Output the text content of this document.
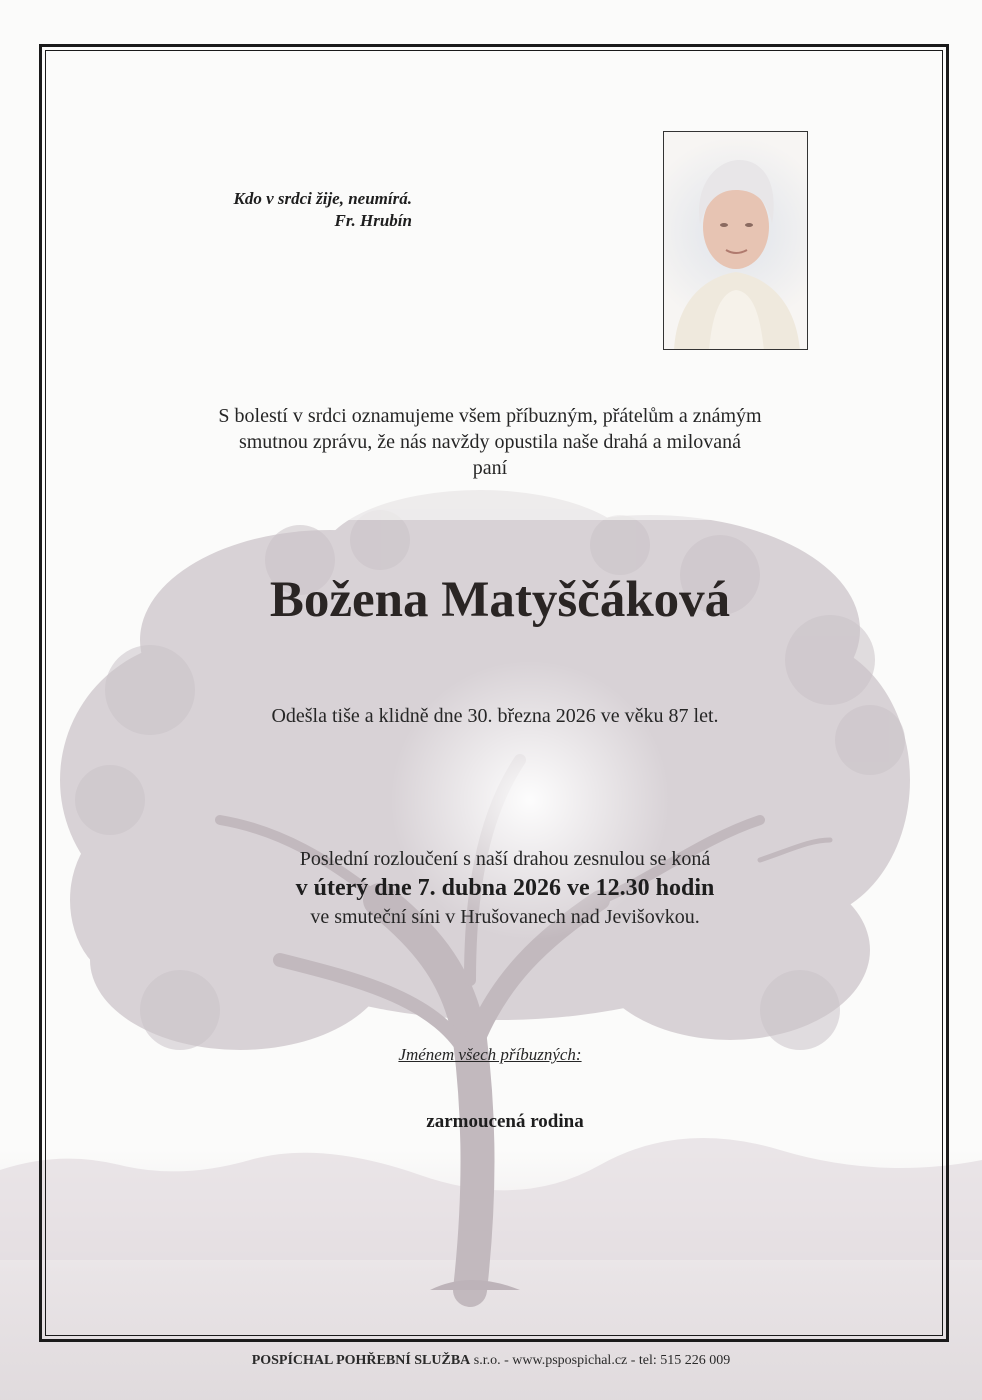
Kdo v srdci žije, neumírá.
Fr. Hrubín
S bolestí v srdci oznamujeme všem příbuzným, přátelům a známým
smutnou zprávu, že nás navždy opustila naše drahá a milovaná
paní
Božena Matyščáková
Odešla tiše a klidně dne 30. března 2026 ve věku 87 let.
Poslední rozloučení s naší drahou zesnulou se koná
v úterý dne 7. dubna 2026 ve 12.30 hodin
ve smuteční síni v Hrušovanech nad Jevišovkou.
Jménem všech příbuzných:
zarmoucená rodina
POSPÍCHAL POHŘEBNÍ SLUŽBA s.r.o. - www.pspospichal.cz - tel: 515 226 009
